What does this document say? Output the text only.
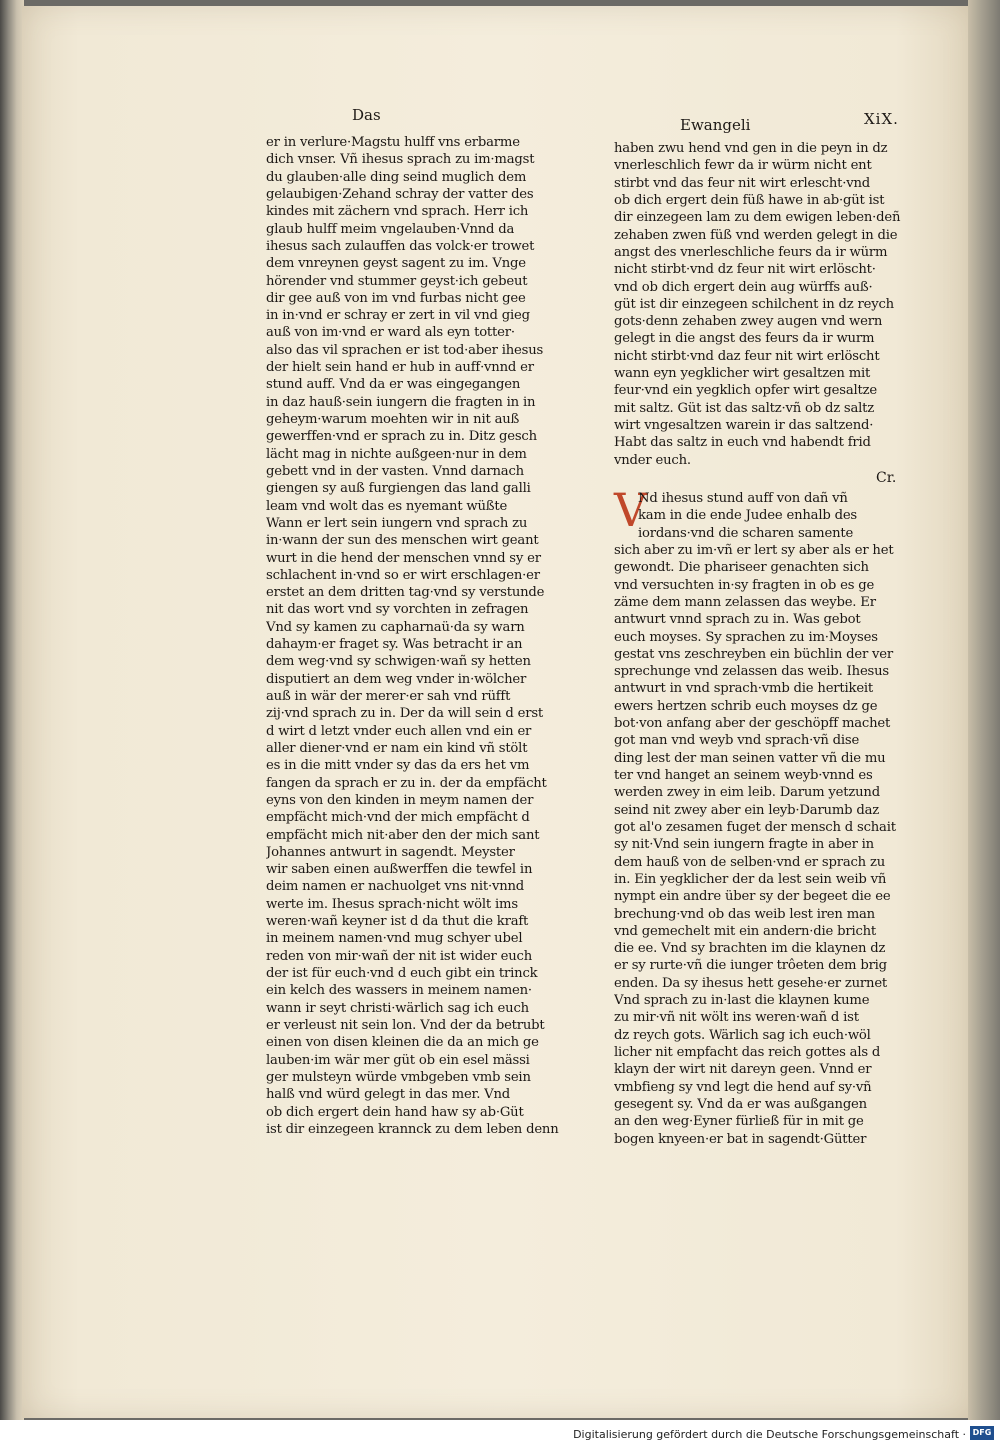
Das
Ewangeli	XiX.
er in verlure·Magstu hulff vns erbarme
dich vnser. Vñ ihesus sprach zu im·magst
du glauben·alle ding seind muglich dem
gelaubigen·Zehand schray der vatter des
kindes mit zächern vnd sprach. Herr ich
glaub hulff meim vngelauben·Vnnd da
ihesus sach zulauffen das volck·er trowet
dem vnreynen geyst sagent zu im. Vnge
hörender vnd stummer geyst·ich gebeut
dir gee auß von im vnd furbas nicht gee
in in·vnd er schray er zert in vil vnd gieg
auß von im·vnd er ward als eyn totter·
also das vil sprachen er ist tod·aber ihesus
der hielt sein hand er hub in auff·vnnd er
stund auff. Vnd da er was eingegangen
in daz hauß·sein iungern die fragten in in
geheym·warum moehten wir in nit auß
gewerffen·vnd er sprach zu in. Ditz gesch
lächt mag in nichte außgeen·nur in dem
gebett vnd in der vasten. Vnnd darnach
giengen sy auß furgiengen das land galli
leam vnd wolt das es nyemant wüßte
Wann er lert sein iungern vnd sprach zu
in·wann der sun des menschen wirt geant
wurt in die hend der menschen vnnd sy er
schlachent in·vnd so er wirt erschlagen·er
erstet an dem dritten tag·vnd sy verstunde
nit das wort vnd sy vorchten in zefragen
Vnd sy kamen zu capharnaü·da sy warn
dahaym·er fraget sy. Was betracht ir an
dem weg·vnd sy schwigen·wañ sy hetten
disputiert an dem weg vnder in·wölcher
auß in wär der merer·er sah vnd rüfft
zij·vnd sprach zu in. Der da will sein d erst
d wirt d letzt vnder euch allen vnd ein er
aller diener·vnd er nam ein kind vñ stölt
es in die mitt vnder sy das da ers het vm
fangen da sprach er zu in. der da empfächt
eyns von den kinden in meym namen der
empfächt mich·vnd der mich empfächt d
empfächt mich nit·aber den der mich sant
Johannes antwurt in sagendt. Meyster
wir saben einen außwerffen die tewfel in
deim namen er nachuolget vns nit·vnnd
werte im. Ihesus sprach·nicht wölt ims
weren·wañ keyner ist d da thut die kraft
in meinem namen·vnd mug schyer ubel
reden von mir·wañ der nit ist wider euch
der ist für euch·vnd d euch gibt ein trinck
ein kelch des wassers in meinem namen·
wann ir seyt christi·wärlich sag ich euch
er verleust nit sein lon. Vnd der da betrubt
einen von disen kleinen die da an mich ge
lauben·im wär mer güt ob ein esel mässi
ger mulsteyn würde vmbgeben vmb sein
halß vnd würd gelegt in das mer. Vnd
ob dich ergert dein hand haw sy ab·Güt
ist dir einzegeen krannck zu dem leben denn
haben zwu hend vnd gen in die peyn in dz
vnerleschlich fewr da ir würm nicht ent
stirbt vnd das feur nit wirt erlescht·vnd
ob dich ergert dein füß hawe in ab·güt ist
dir einzegeen lam zu dem ewigen leben·deñ
zehaben zwen füß vnd werden gelegt in die
angst des vnerleschliche feurs da ir würm
nicht stirbt·vnd dz feur nit wirt erlöscht·
vnd ob dich ergert dein aug würffs auß·
güt ist dir einzegeen schilchent in dz reych
gots·denn zehaben zwey augen vnd wern
gelegt in die angst des feurs da ir wurm
nicht stirbt·vnd daz feur nit wirt erlöscht
wann eyn yegklicher wirt gesaltzen mit
feur·vnd ein yegklich opfer wirt gesaltze
mit saltz. Güt ist das saltz·vñ ob dz saltz
wirt vngesaltzen warein ir das saltzend·
Habt das saltz in euch vnd habendt frid
vnder euch.
Cr.
V
Nd ihesus stund auff von dañ vñ
kam in die ende Judee enhalb des
iordans·vnd die scharen samente
sich aber zu im·vñ er lert sy aber als er het
gewondt. Die phariseer genachten sich
vnd versuchten in·sy fragten in ob es ge
zäme dem mann zelassen das weybe. Er
antwurt vnnd sprach zu in. Was gebot
euch moyses. Sy sprachen zu im·Moyses
gestat vns zeschreyben ein büchlin der ver
sprechunge vnd zelassen das weib. Ihesus
antwurt in vnd sprach·vmb die hertikeit
ewers hertzen schrib euch moyses dz ge
bot·von anfang aber der geschöpff machet
got man vnd weyb vnd sprach·vñ dise
ding lest der man seinen vatter vñ die mu
ter vnd hanget an seinem weyb·vnnd es
werden zwey in eim leib. Darum yetzund
seind nit zwey aber ein leyb·Darumb daz
got al'o zesamen fuget der mensch d schait
sy nit·Vnd sein iungern fragte in aber in
dem hauß von de selben·vnd er sprach zu
in. Ein yegklicher der da lest sein weib vñ
nympt ein andre über sy der begeet die ee
brechung·vnd ob das weib lest iren man
vnd gemechelt mit ein andern·die bricht
die ee. Vnd sy brachten im die klaynen dz
er sy rurte·vñ die iunger trôeten dem brig
enden. Da sy ihesus hett gesehe·er zurnet
Vnd sprach zu in·last die klaynen kume
zu mir·vñ nit wölt ins weren·wañ d ist
dz reych gots. Wärlich sag ich euch·wöl
licher nit empfacht das reich gottes als d
klayn der wirt nit dareyn geen. Vnnd er
vmbfieng sy vnd legt die hend auf sy·vñ
gesegent sy. Vnd da er was außgangen
an den weg·Eyner fürließ für in mit ge
bogen knyeen·er bat in sagendt·Gütter
Digitalisierung gefördert durch die Deutsche Forschungsgemeinschaft · DFG
